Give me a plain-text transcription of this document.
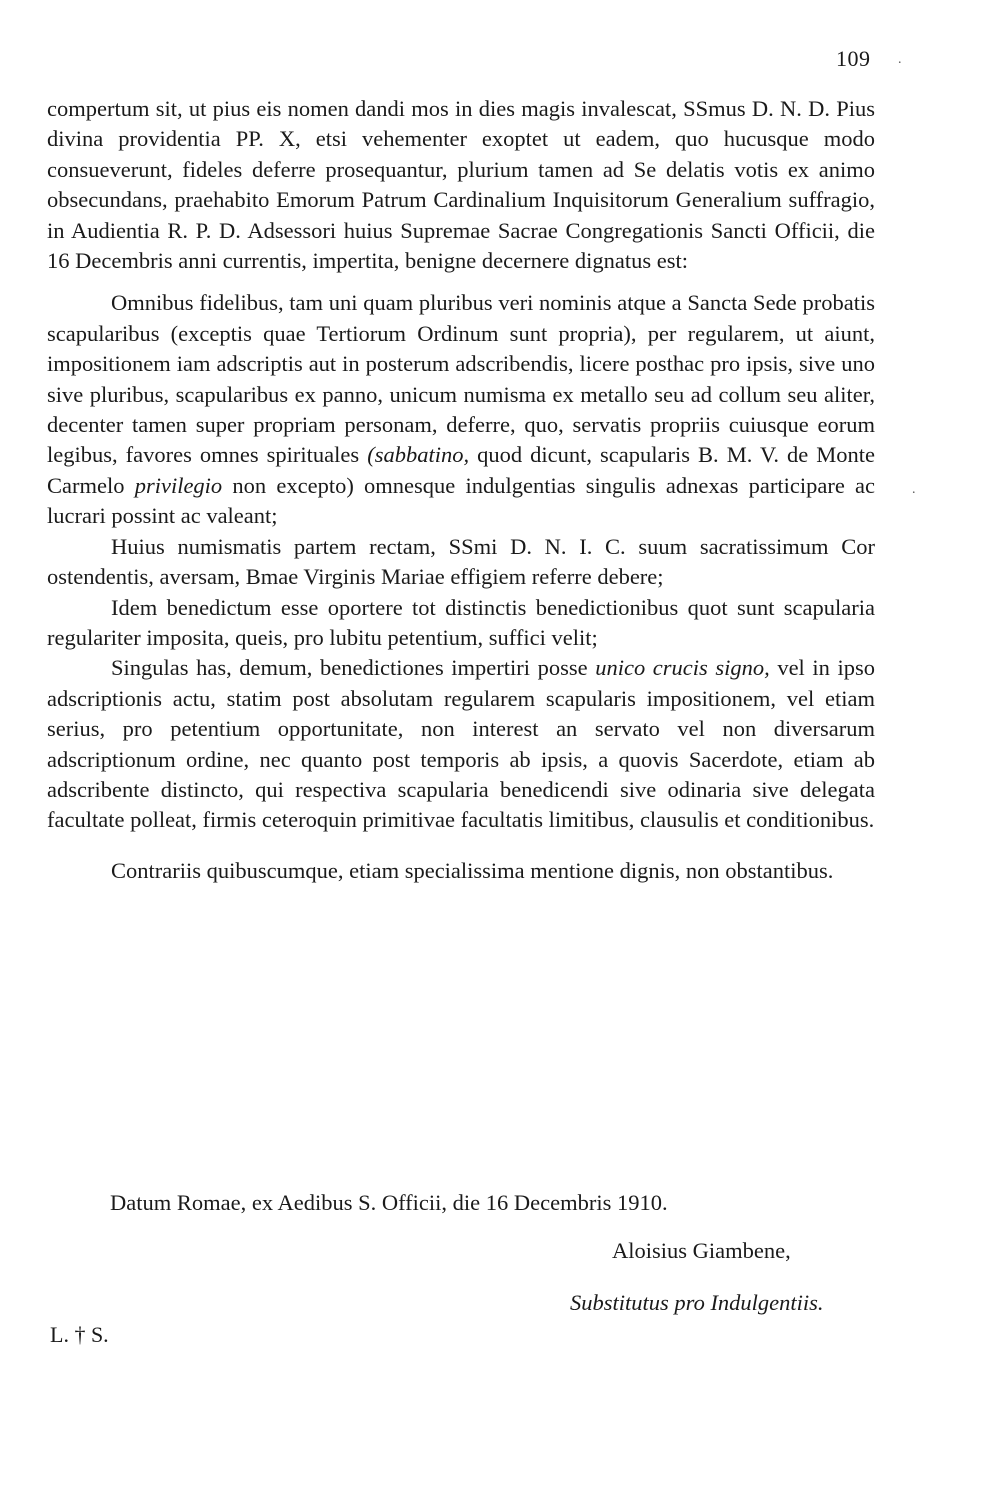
109 .
.

compertum sit, ut pius eis nomen dandi mos in dies magis invalescat, SSmus D. N. D. Pius divina providentia PP. X, etsi vehementer exoptet ut eadem, quo hucusque modo consueverunt, fideles deferre prosequantur, plurium tamen ad Se delatis votis ex animo obsecundans, praehabito Emorum Patrum Cardinalium Inquisitorum Generalium suffragio, in Audientia R. P. D. Adsessori huius Supremae Sacrae Congregationis Sancti Officii, die 16 Decembris anni currentis, impertita, benigne decernere dignatus est:

Omnibus fidelibus, tam uni quam pluribus veri nominis atque a Sancta Sede probatis scapularibus (exceptis quae Tertiorum Ordinum sunt propria), per regularem, ut aiunt, impositionem iam adscriptis aut in posterum adscribendis, licere posthac pro ipsis, sive uno sive pluribus, scapularibus ex panno, unicum numisma ex metallo seu ad collum seu aliter, decenter tamen super propriam personam, deferre, quo, servatis propriis cuiusque eorum legibus, favores omnes spirituales (sabbatino, quod dicunt, scapularis B. M. V. de Monte Carmelo privilegio non excepto) omnesque indulgentias singulis adnexas participare ac lucrari possint ac valeant;

Huius numismatis partem rectam, SSmi D. N. I. C. suum sacratissimum Cor ostendentis, aversam, Bmae Virginis Mariae effigiem referre debere;

Idem benedictum esse oportere tot distinctis benedictionibus quot sunt scapularia regulariter imposita, queis, pro lubitu petentium, suffici velit;

Singulas has, demum, benedictiones impertiri posse unico crucis signo, vel in ipso adscriptionis actu, statim post absolutam regularem scapularis impositionem, vel etiam serius, pro petentium opportunitate, non interest an servato vel non diversarum adscriptionum ordine, nec quanto post temporis ab ipsis, a quovis Sacerdote, etiam ab adscribente distincto, qui respectiva scapularia benedicendi sive odinaria sive delegata facultate polleat, firmis ceteroquin primitivae facultatis limitibus, clausulis et conditionibus.

Contrariis quibuscumque, etiam specialissima mentione dignis, non obstantibus.

Datum Romae, ex Aedibus S. Officii, die 16 Decembris 1910.
Aloisius Giambene,
Substitutus pro Indulgentiis.
L. † S.
